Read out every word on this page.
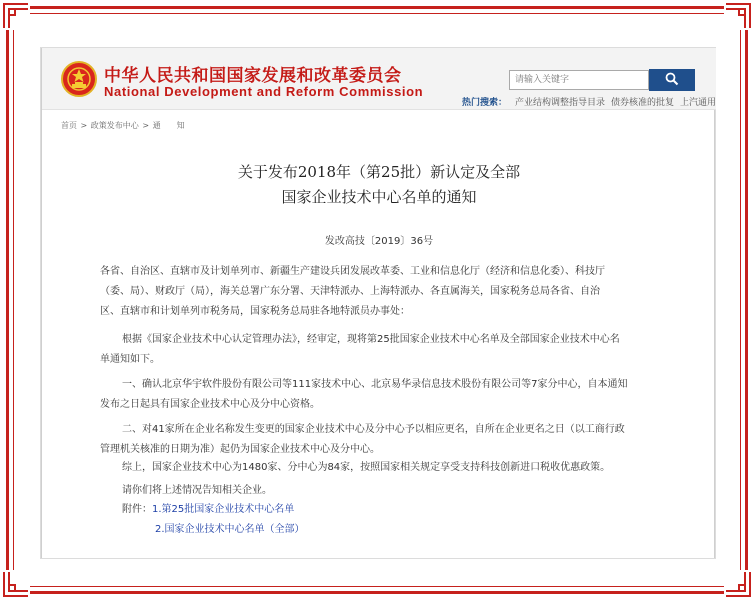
中华人民共和国国家发展和改革委员会
National Development and Reform Commission
请输入关键字
热门搜索： 产业结构调整指导目录 债券核准的批复 上汽通用
首页 > 政策发布中心 > 通　　知
关于发布2018年（第25批）新认定及全部
国家企业技术中心名单的通知
发改高技〔2019〕36号
各省、自治区、直辖市及计划单列市、新疆生产建设兵团发展改革委、工业和信息化厅（经济和信息化委）、科技厅
（委、局）、财政厅（局），海关总署广东分署、天津特派办、上海特派办、各直属海关，国家税务总局各省、自治
区、直辖市和计划单列市税务局，国家税务总局驻各地特派员办事处：
根据《国家企业技术中心认定管理办法》，经审定，现将第25批国家企业技术中心名单及全部国家企业技术中心名
单通知如下。
一、确认北京华宇软件股份有限公司等111家技术中心、北京易华录信息技术股份有限公司等7家分中心，自本通知
发布之日起具有国家企业技术中心及分中心资格。
二、对41家所在企业名称发生变更的国家企业技术中心及分中心予以相应更名，自所在企业更名之日（以工商行政
管理机关核准的日期为准）起仍为国家企业技术中心及分中心。
综上，国家企业技术中心为1480家、分中心为84家，按照国家相关规定享受支持科技创新进口税收优惠政策。
请你们将上述情况告知相关企业。
附件：1.第25批国家企业技术中心名单
2.国家企业技术中心名单（全部）
